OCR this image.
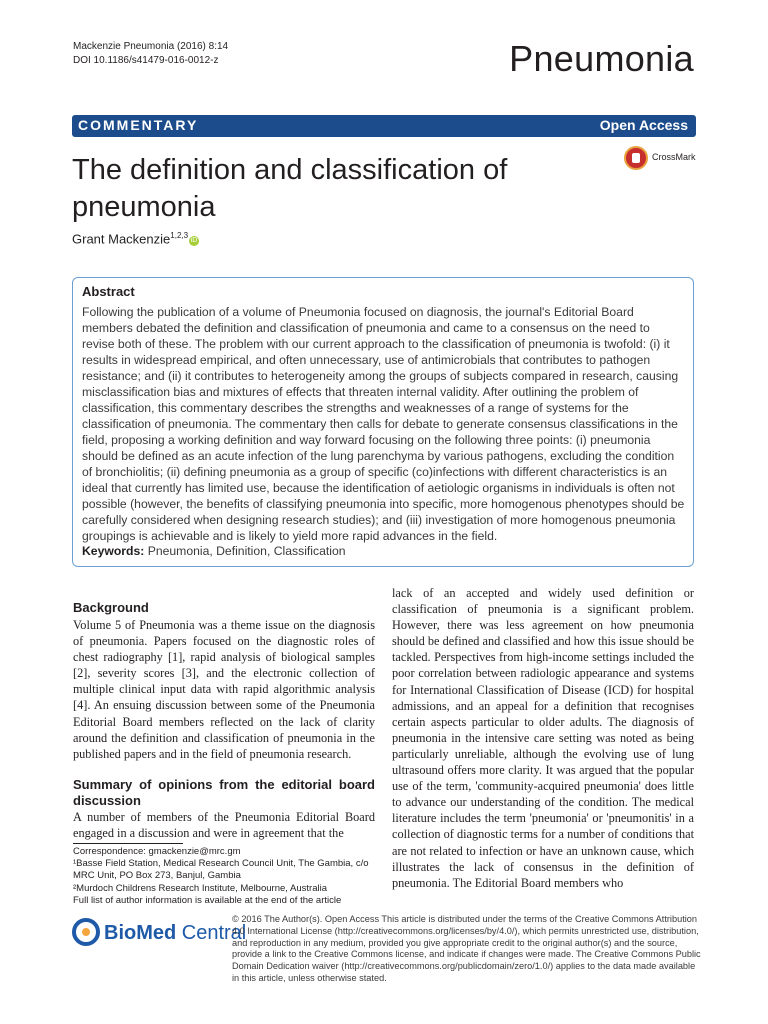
Mackenzie Pneumonia (2016) 8:14
DOI 10.1186/s41479-016-0012-z	Pneumonia
COMMENTARY	Open Access
The definition and classification of pneumonia
CrossMark
Grant Mackenzie$^{1,2,3}$iD
Abstract
Following the publication of a volume of Pneumonia focused on diagnosis, the journal's Editorial Board members debated the definition and classification of pneumonia and came to a consensus on the need to revise both of these. The problem with our current approach to the classification of pneumonia is twofold: (i) it results in widespread empirical, and often unnecessary, use of antimicrobials that contributes to pathogen resistance; and (ii) it contributes to heterogeneity among the groups of subjects compared in research, causing misclassification bias and mixtures of effects that threaten internal validity. After outlining the problem of classification, this commentary describes the strengths and weaknesses of a range of systems for the classification of pneumonia. The commentary then calls for debate to generate consensus classifications in the field, proposing a working definition and way forward focusing on the following three points: (i) pneumonia should be defined as an acute infection of the lung parenchyma by various pathogens, excluding the condition of bronchiolitis; (ii) defining pneumonia as a group of specific (co)infections with different characteristics is an ideal that currently has limited use, because the identification of aetiologic organisms in individuals is often not possible (however, the benefits of classifying pneumonia into specific, more homogenous phenotypes should be carefully considered when designing research studies); and (iii) investigation of more homogenous pneumonia groupings is achievable and is likely to yield more rapid advances in the field.
Keywords: Pneumonia, Definition, Classification
Background

Volume 5 of Pneumonia was a theme issue on the diagnosis of pneumonia. Papers focused on the diagnostic roles of chest radiography [1], rapid analysis of biological samples [2], severity scores [3], and the electronic collection of multiple clinical input data with rapid algorithmic analysis [4]. An ensuing discussion between some of the Pneumonia Editorial Board members reflected on the lack of clarity around the definition and classification of pneumonia in the published papers and in the field of pneumonia research.

Summary of opinions from the editorial board discussion

A number of members of the Pneumonia Editorial Board engaged in a discussion and were in agreement that the

lack of an accepted and widely used definition or classification of pneumonia is a significant problem. However, there was less agreement on how pneumonia should be defined and classified and how this issue should be tackled. Perspectives from high-income settings included the poor correlation between radiologic appearance and systems for International Classification of Disease (ICD) for hospital admissions, and an appeal for a definition that recognises certain aspects particular to older adults. The diagnosis of pneumonia in the intensive care setting was noted as being particularly unreliable, although the evolving use of lung ultrasound offers more clarity. It was argued that the popular use of the term, 'community-acquired pneumonia' does little to advance our understanding of the condition. The medical literature includes the term 'pneumonia' or 'pneumonitis' in a collection of diagnostic terms for a number of conditions that are not related to infection or have an unknown cause, which illustrates the lack of consensus in the definition of pneumonia. The Editorial Board members who

Correspondence: gmackenzie@mrc.gm
¹Basse Field Station, Medical Research Council Unit, The Gambia, c/o MRC Unit, PO Box 273, Banjul, Gambia
²Murdoch Childrens Research Institute, Melbourne, Australia
Full list of author information is available at the end of the article
BioMed Central
© 2016 The Author(s). Open Access This article is distributed under the terms of the Creative Commons Attribution 4.0 International License (http://creativecommons.org/licenses/by/4.0/), which permits unrestricted use, distribution, and reproduction in any medium, provided you give appropriate credit to the original author(s) and the source, provide a link to the Creative Commons license, and indicate if changes were made. The Creative Commons Public Domain Dedication waiver (http://creativecommons.org/publicdomain/zero/1.0/) applies to the data made available in this article, unless otherwise stated.
